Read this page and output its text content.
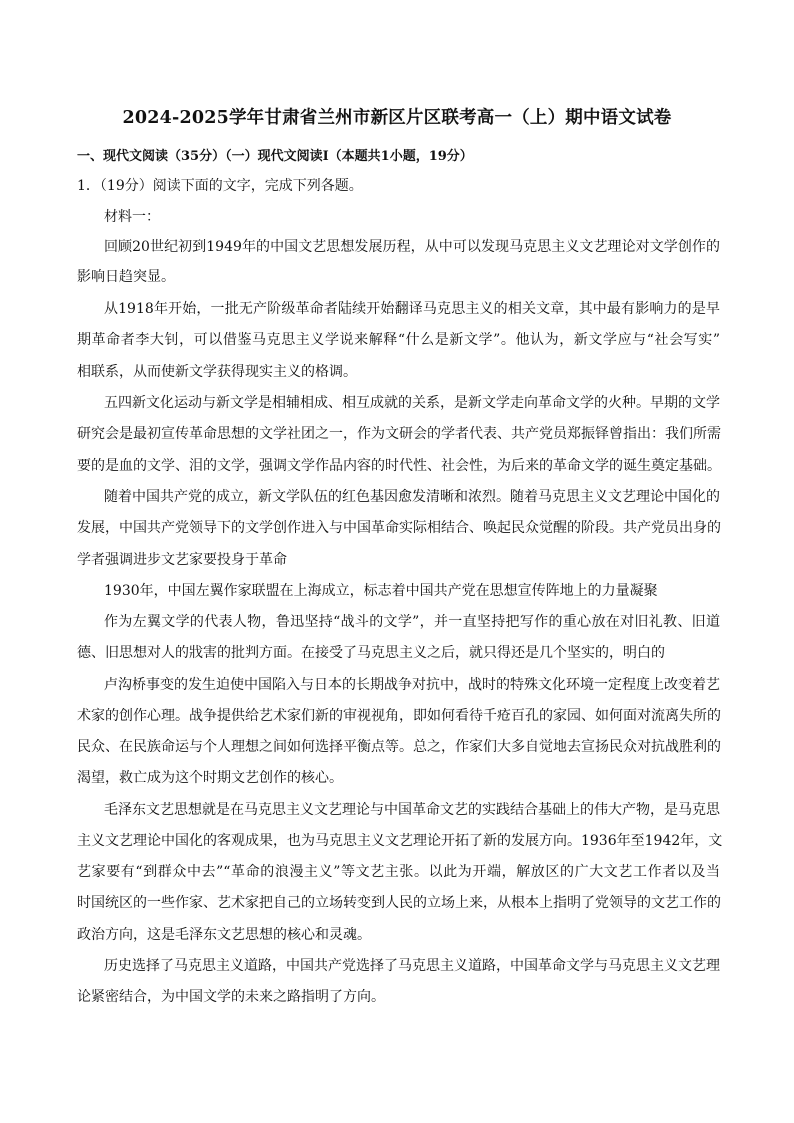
2024-2025学年甘肃省兰州市新区片区联考高一（上）期中语文试卷
一、现代文阅读（35分）（一）现代文阅读Ⅰ（本题共1小题，19分）
1．（19分）阅读下面的文字，完成下列各题。
材料一：
回顾20世纪初到1949年的中国文艺思想发展历程，从中可以发现马克思主义文艺理论对文学创作的
影响日趋突显。
从1918年开始，一批无产阶级革命者陆续开始翻译马克思主义的相关文章，其中最有影响力的是早
期革命者李大钊，可以借鉴马克思主义学说来解释“什么是新文学”。他认为，新文学应与“社会写实”
相联系，从而使新文学获得现实主义的格调。
五四新文化运动与新文学是相辅相成、相互成就的关系，是新文学走向革命文学的火种。早期的文学
研究会是最初宣传革命思想的文学社团之一，作为文研会的学者代表、共产党员郑振铎曾指出：我们所需
要的是血的文学、泪的文学，强调文学作品内容的时代性、社会性，为后来的革命文学的诞生奠定基础。
随着中国共产党的成立，新文学队伍的红色基因愈发清晰和浓烈。随着马克思主义文艺理论中国化的
发展，中国共产党领导下的文学创作进入与中国革命实际相结合、唤起民众觉醒的阶段。共产党员出身的
学者强调进步文艺家要投身于革命
1930年，中国左翼作家联盟在上海成立，标志着中国共产党在思想宣传阵地上的力量凝聚
作为左翼文学的代表人物，鲁迅坚持“战斗的文学”，并一直坚持把写作的重心放在对旧礼教、旧道
德、旧思想对人的戕害的批判方面。在接受了马克思主义之后，就只得还是几个坚实的，明白的
卢沟桥事变的发生迫使中国陷入与日本的长期战争对抗中，战时的特殊文化环境一定程度上改变着艺
术家的创作心理。战争提供给艺术家们新的审视视角，即如何看待千疮百孔的家园、如何面对流离失所的
民众、在民族命运与个人理想之间如何选择平衡点等。总之，作家们大多自觉地去宣扬民众对抗战胜利的
渴望，救亡成为这个时期文艺创作的核心。
毛泽东文艺思想就是在马克思主义文艺理论与中国革命文艺的实践结合基础上的伟大产物，是马克思
主义文艺理论中国化的客观成果，也为马克思主义文艺理论开拓了新的发展方向。1936年至1942年，文
艺家要有“到群众中去”“革命的浪漫主义”等文艺主张。以此为开端，解放区的广大文艺工作者以及当
时国统区的一些作家、艺术家把自己的立场转变到人民的立场上来，从根本上指明了党领导的文艺工作的
政治方向，这是毛泽东文艺思想的核心和灵魂。
历史选择了马克思主义道路，中国共产党选择了马克思主义道路，中国革命文学与马克思主义文艺理
论紧密结合，为中国文学的未来之路指明了方向。
